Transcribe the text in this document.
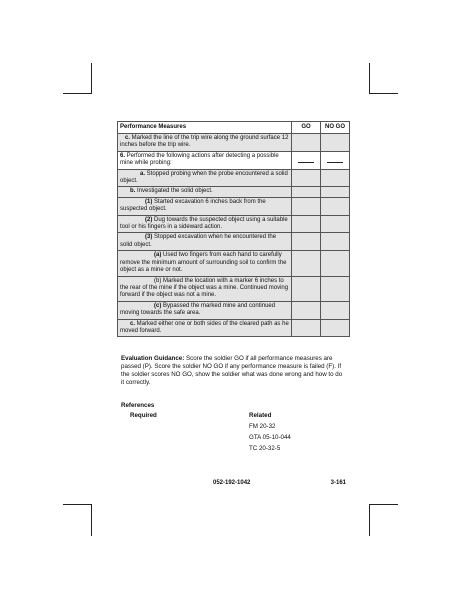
Performance Measures	GO	NO GO
c. Marked the line of the trip wire along the ground surface 12 inches before the trip wire.		
6. Performed the following actions after detecting a possible mine while probing:	

a. Stopped probing when the probe encountered a solid object.		
b. Investigated the solid object.		
(1) Started excavation 6 inches back from the suspected object.		
(2) Dug towards the suspected object using a suitable tool or his fingers in a sideward action.		
(3) Stopped excavation when he encountered the solid object.		
(a) Used two fingers from each hand to carefully remove the minimum amount of surrounding soil to confirm the object as a mine or not.		
(b) Marked the location with a marker 6 inches to the rear of the mine if the object was a mine. Continued moving forward if the object was not a mine.		
(c) Bypassed the marked mine and continued moving towards the safe area.		
c. Marked either one or both sides of the cleared path as he moved forward.		
Evaluation Guidance: Score the soldier GO if all performance measures are passed (P). Score the soldier NO GO if any performance measure is failed (F). If the soldier scores NO GO, show the soldier what was done wrong and how to do it correctly.
References
Required	Related
FM 20-32
GTA 05-10-044
TC 20-32-5
052-192-1042	3-161
